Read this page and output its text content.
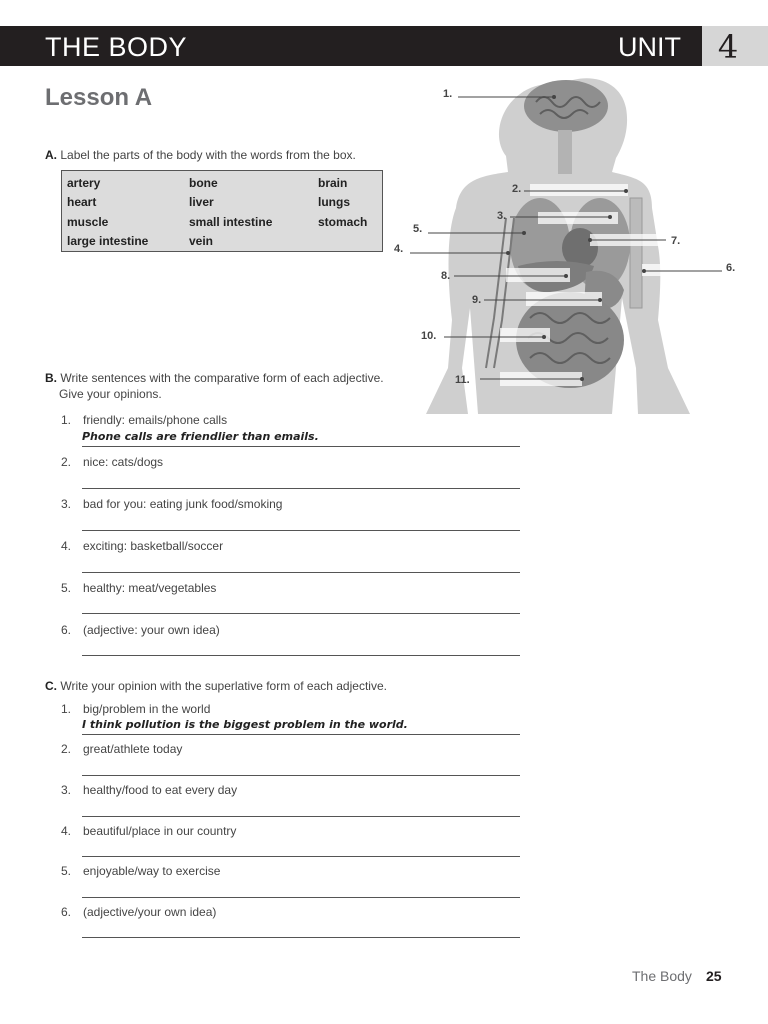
THE BODY	UNIT	4
Lesson A
A. Label the parts of the body with the words from the box.
artery	bone	brain
heart	liver	lungs
muscle	small intestine	stomach
large intestine	vein
1.
2.
3.
4.
5.
6.
7.
8.
9.
10.
11.
B. Write sentences with the comparative form of each adjective.
Give your opinions.
1. friendly: emails/phone calls
Phone calls are friendlier than emails.
2. nice: cats/dogs
3. bad for you: eating junk food/smoking
4. exciting: basketball/soccer
5. healthy: meat/vegetables
6. (adjective: your own idea)
C. Write your opinion with the superlative form of each adjective.
1. big/problem in the world
I think pollution is the biggest problem in the world.
2. great/athlete today
3. healthy/food to eat every day
4. beautiful/place in our country
5. enjoyable/way to exercise
6. (adjective/your own idea)
The Body 25
